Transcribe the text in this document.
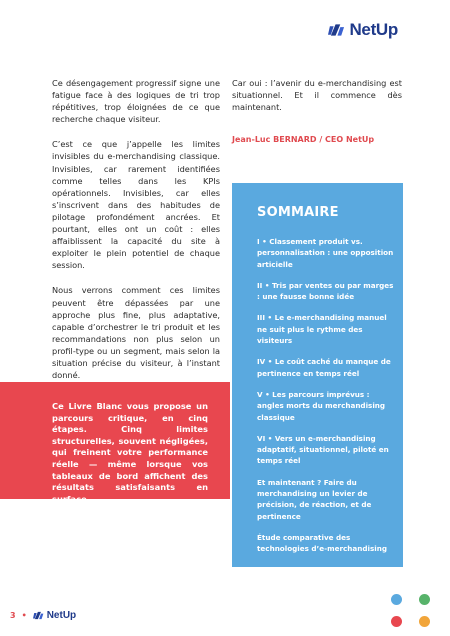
NetUp

Ce désengagement progressif signe une fatigue face à des logiques de tri trop répétitives, trop éloignées de ce que recherche chaque visiteur.

C’est ce que j’appelle les limites invisibles du e-merchandising classique. Invisibles, car rarement identifiées comme telles dans les KPIs opérationnels. Invisibles, car elles s’inscrivent dans des habitudes de pilotage profondément ancrées. Et pourtant, elles ont un coût : elles affaiblissent la capacité du site à exploiter le plein potentiel de chaque session.

Nous verrons comment ces limites peuvent être dépassées par une approche plus fine, plus adaptative, capable d’orchestrer le tri produit et les recommandations non plus selon un profil-type ou un segment, mais selon la situation précise du visiteur, à l’instant donné.

Car oui : l’avenir du e-merchandising est situationnel. Et il commence dès maintenant.

Jean-Luc BERNARD / CEO NetUp
Ce Livre Blanc vous propose un parcours critique, en cinq étapes. Cinq limites structurelles, souvent négligées, qui freinent votre performance réelle — même lorsque vos tableaux de bord affichent des résultats satisfaisants en surface.
SOMMAIRE
I • Classement produit vs. personnalisation : une opposition articielle
II • Tris par ventes ou par marges : une fausse bonne idée
III • Le e-merchandising manuel ne suit plus le rythme des visiteurs
IV • Le coût caché du manque de pertinence en temps réel
V • Les parcours imprévus : angles morts du merchandising classique
VI • Vers un e-merchandising adaptatif, situationnel, piloté en temps réel
Et maintenant ? Faire du merchandising un levier de précision, de réaction, et de pertinence
Étude comparative des technologies d’e-merchandising
3 • NetUp
